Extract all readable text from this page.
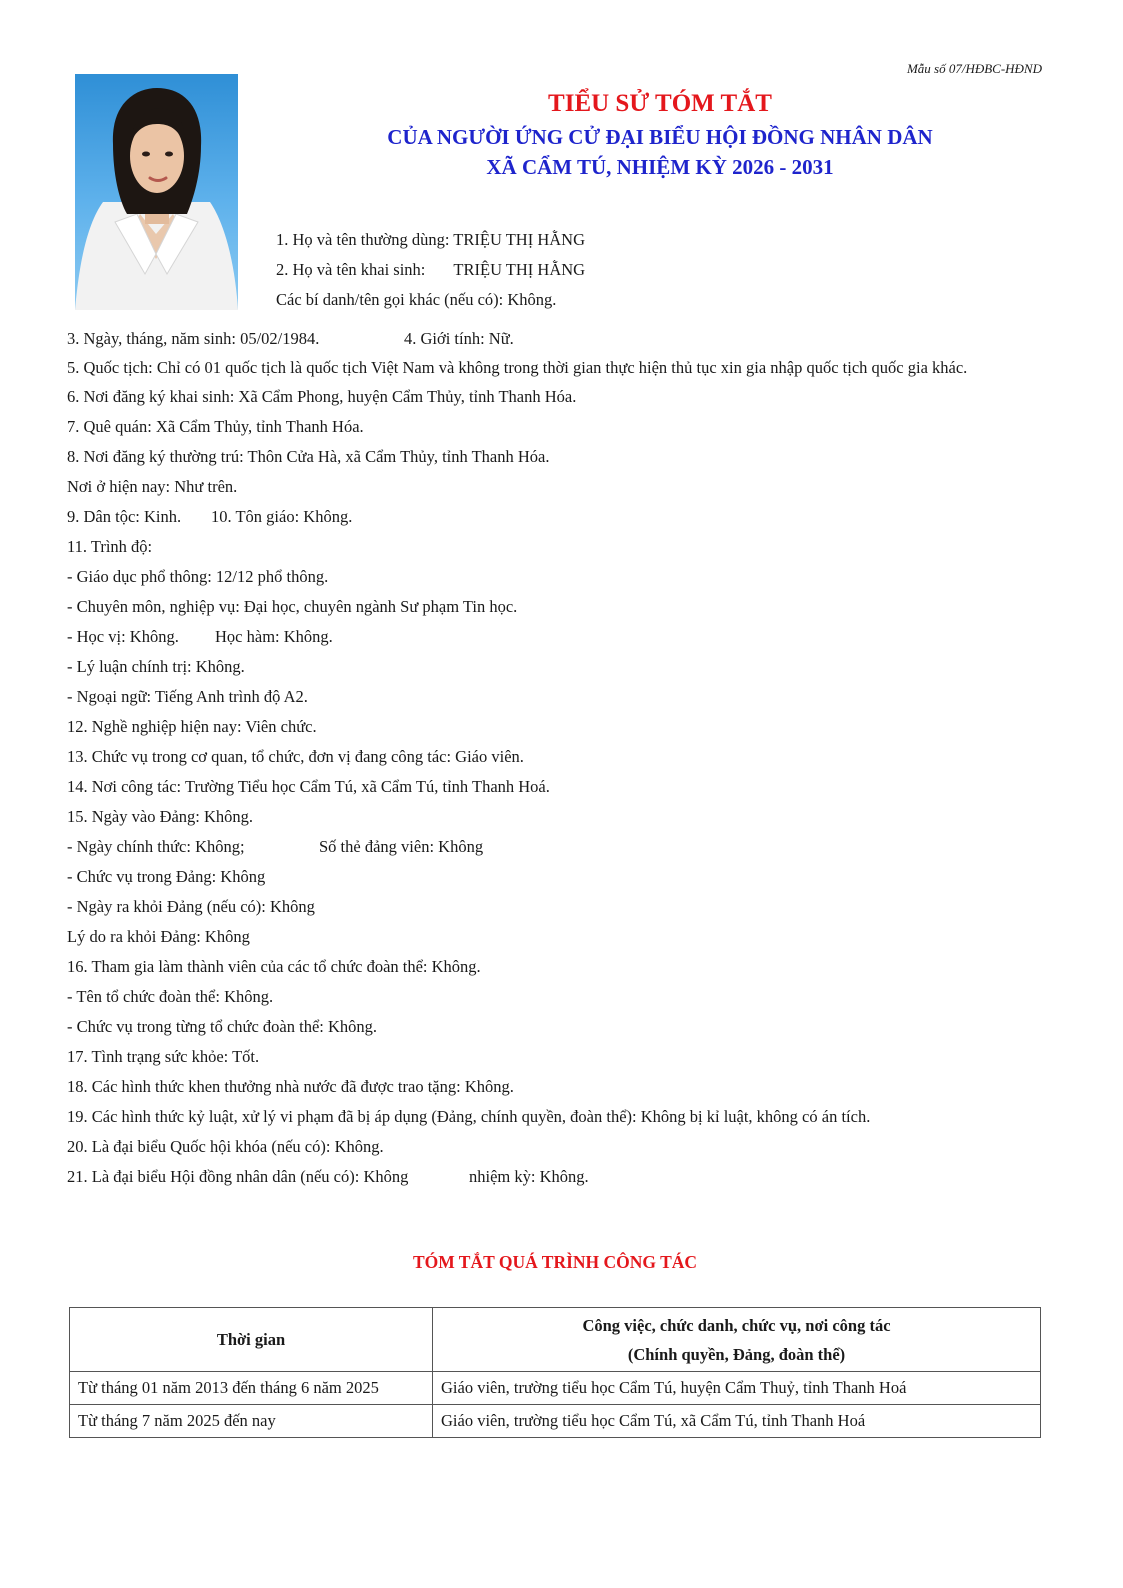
Mẫu số 07/HĐBC-HĐND
TIỂU SỬ TÓM TẮT
CỦA NGƯỜI ỨNG CỬ ĐẠI BIỂU HỘI ĐỒNG NHÂN DÂN
XÃ CẨM TÚ, NHIỆM KỲ 2026 - 2031
1. Họ và tên thường dùng: TRIỆU THỊ HẰNG
2. Họ và tên khai sinh: TRIỆU THỊ HẰNG
Các bí danh/tên gọi khác (nếu có): Không.
3. Ngày, tháng, năm sinh: 05/02/1984.	4. Giới tính: Nữ.
5. Quốc tịch: Chỉ có 01 quốc tịch là quốc tịch Việt Nam và không trong thời gian thực hiện thủ tục xin gia nhập quốc tịch quốc gia khác.
6. Nơi đăng ký khai sinh: Xã Cẩm Phong, huyện Cẩm Thủy, tỉnh Thanh Hóa.
7. Quê quán: Xã Cẩm Thủy, tỉnh Thanh Hóa.
8. Nơi đăng ký thường trú: Thôn Cửa Hà, xã Cẩm Thủy, tỉnh Thanh Hóa.
Nơi ở hiện nay: Như trên.
9. Dân tộc: Kinh. 10. Tôn giáo: Không.
11. Trình độ:
- Giáo dục phổ thông: 12/12 phổ thông.
- Chuyên môn, nghiệp vụ: Đại học, chuyên ngành Sư phạm Tin học.
- Học vị: Không. Học hàm: Không.
- Lý luận chính trị: Không.
- Ngoại ngữ: Tiếng Anh trình độ A2.
12. Nghề nghiệp hiện nay: Viên chức.
13. Chức vụ trong cơ quan, tổ chức, đơn vị đang công tác: Giáo viên.
14. Nơi công tác: Trường Tiểu học Cẩm Tú, xã Cẩm Tú, tỉnh Thanh Hoá.
15. Ngày vào Đảng: Không.
- Ngày chính thức: Không;	Số thẻ đảng viên: Không
- Chức vụ trong Đảng: Không
- Ngày ra khỏi Đảng (nếu có): Không
Lý do ra khỏi Đảng: Không
16. Tham gia làm thành viên của các tổ chức đoàn thể: Không.
- Tên tổ chức đoàn thể: Không.
- Chức vụ trong từng tổ chức đoàn thể: Không.
17. Tình trạng sức khỏe: Tốt.
18. Các hình thức khen thưởng nhà nước đã được trao tặng: Không.
19. Các hình thức kỷ luật, xử lý vi phạm đã bị áp dụng (Đảng, chính quyền, đoàn thể): Không bị kỉ luật, không có án tích.
20. Là đại biểu Quốc hội khóa (nếu có): Không.
21. Là đại biểu Hội đồng nhân dân (nếu có): Không	nhiệm kỳ: Không.
TÓM TẮT QUÁ TRÌNH CÔNG TÁC
Thời gian	Công việc, chức danh, chức vụ, nơi công tác
(Chính quyền, Đảng, đoàn thể)

Từ tháng 01 năm 2013 đến tháng 6 năm 2025	Giáo viên, trường tiểu học Cẩm Tú, huyện Cẩm Thuỷ, tỉnh Thanh Hoá
Từ tháng 7 năm 2025 đến nay	Giáo viên, trường tiểu học Cẩm Tú, xã Cẩm Tú, tỉnh Thanh Hoá
